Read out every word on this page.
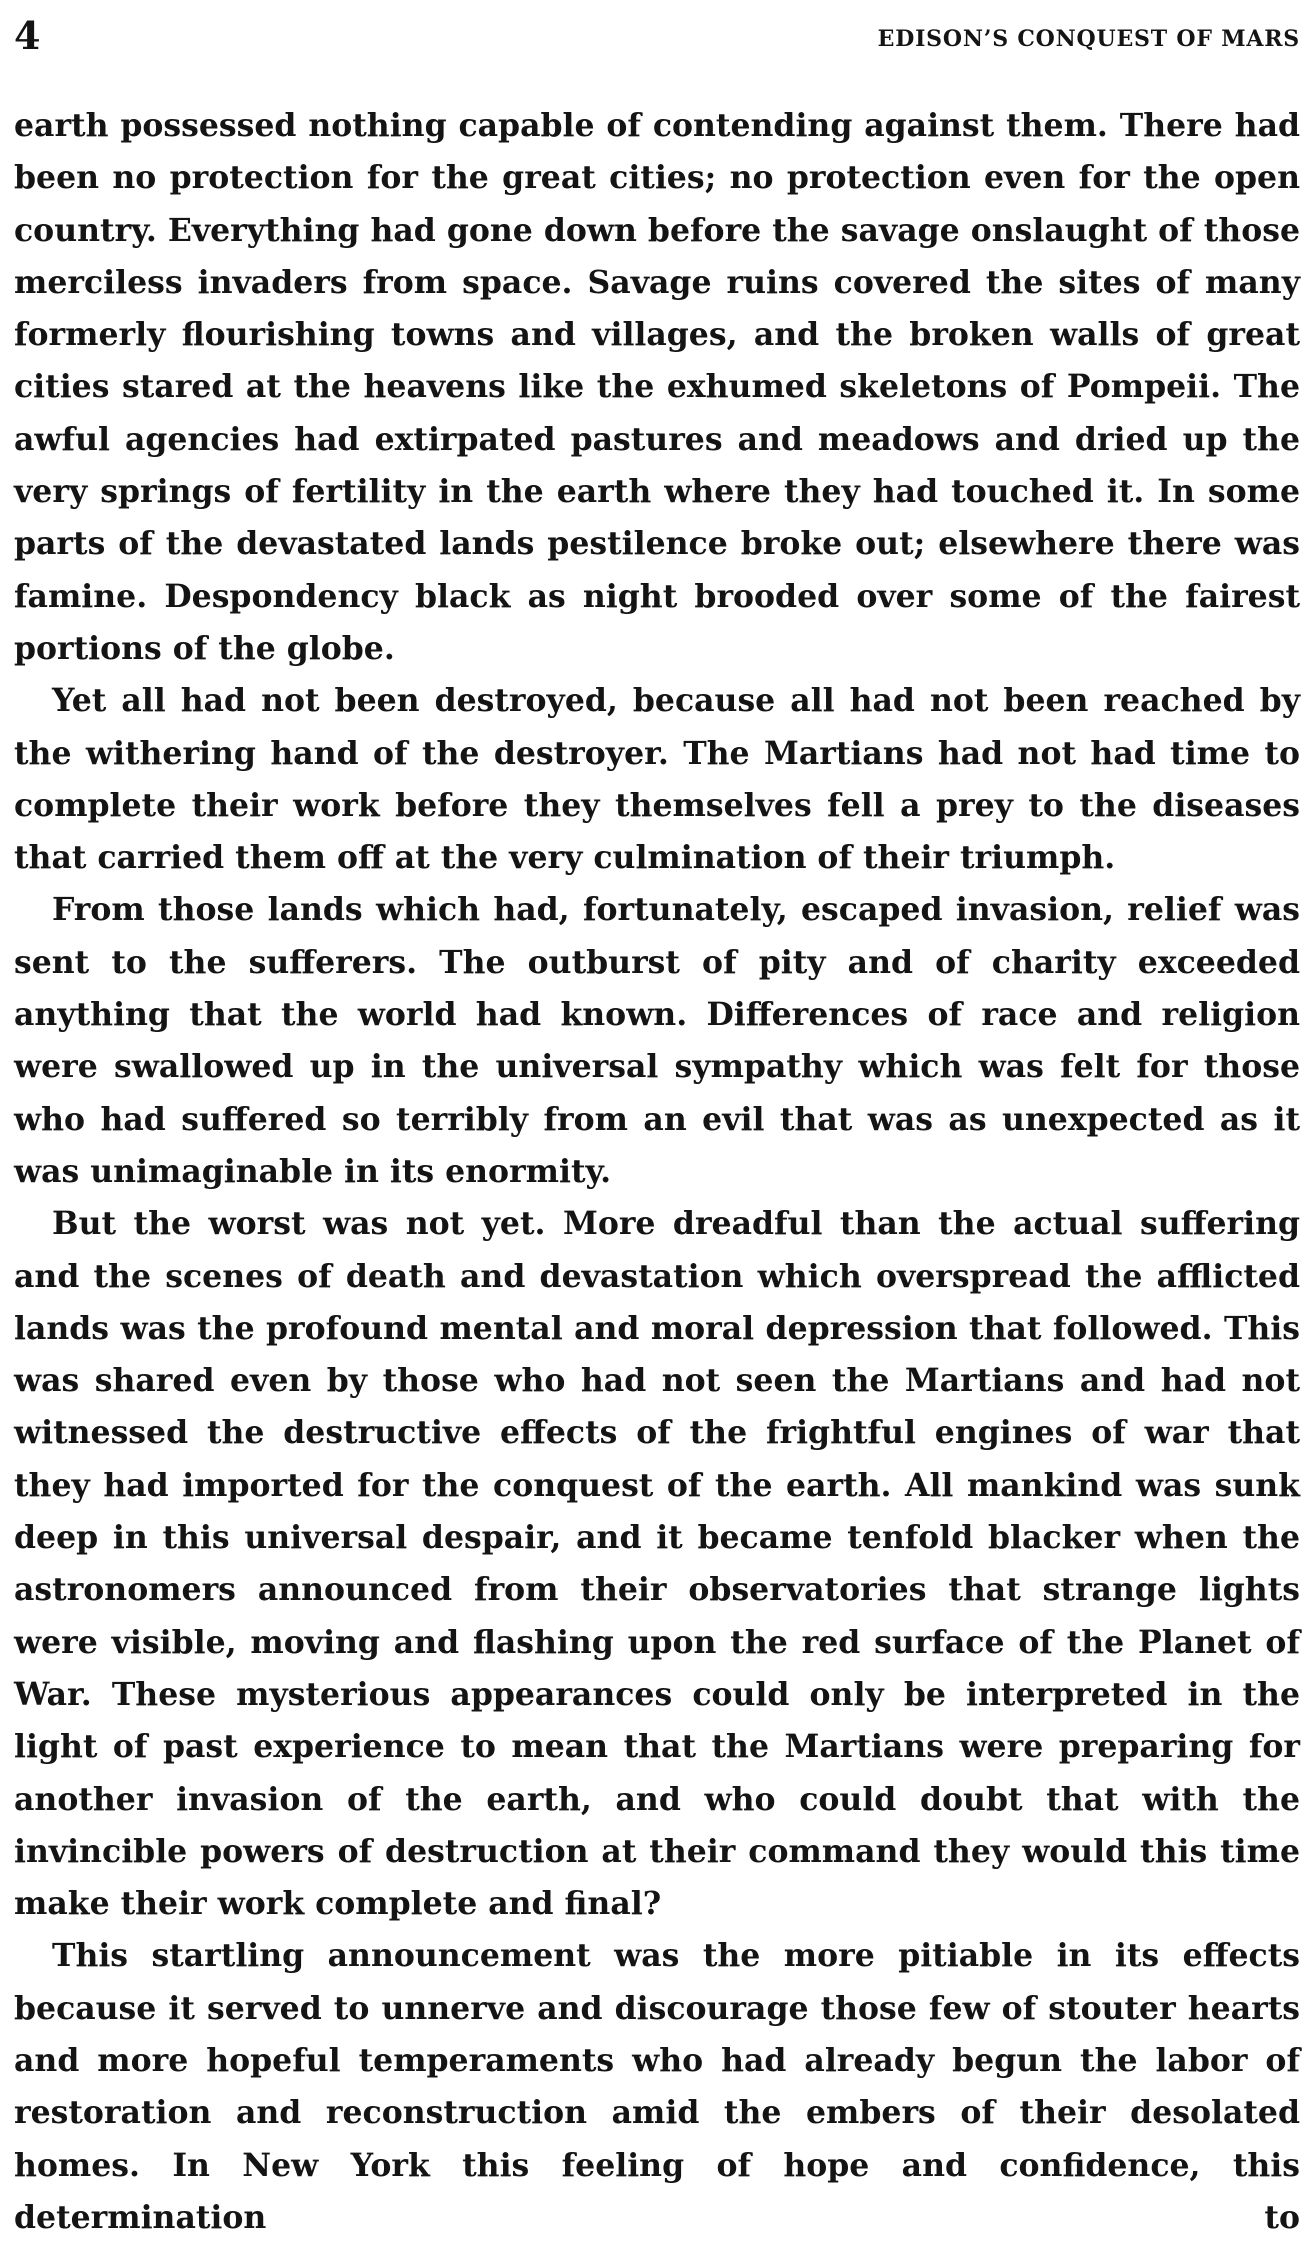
4	EDISON’S CONQUEST OF MARS

earth possessed nothing capable of contending against them. There had been no protection for the great cities; no protection even for the open country. Everything had gone down before the savage onslaught of those merciless invaders from space. Savage ruins covered the sites of many formerly flourishing towns and villages, and the broken walls of great cities stared at the heavens like the exhumed skeletons of Pompeii. The awful agencies had extirpated pastures and meadows and dried up the very springs of fertility in the earth where they had touched it. In some parts of the devastated lands pestilence broke out; elsewhere there was famine. Despondency black as night brooded over some of the fairest portions of the globe.

Yet all had not been destroyed, because all had not been reached by the withering hand of the destroyer. The Martians had not had time to complete their work before they themselves fell a prey to the diseases that carried them off at the very culmination of their triumph.

From those lands which had, fortunately, escaped invasion, relief was sent to the sufferers. The outburst of pity and of charity exceeded anything that the world had known. Differences of race and religion were swallowed up in the universal sympathy which was felt for those who had suffered so terribly from an evil that was as unexpected as it was unimaginable in its enormity.

But the worst was not yet. More dreadful than the actual suffering and the scenes of death and devastation which overspread the afflicted lands was the profound mental and moral depression that followed. This was shared even by those who had not seen the Martians and had not witnessed the destructive effects of the frightful engines of war that they had imported for the conquest of the earth. All mankind was sunk deep in this universal despair, and it became tenfold blacker when the astronomers announced from their observatories that strange lights were visible, moving and flashing upon the red surface of the Planet of War. These mysterious appearances could only be interpreted in the light of past experience to mean that the Martians were preparing for another invasion of the earth, and who could doubt that with the invincible powers of destruction at their command they would this time make their work complete and final?

This startling announcement was the more pitiable in its effects because it served to unnerve and discourage those few of stouter hearts and more hopeful temperaments who had already begun the labor of restoration and reconstruction amid the embers of their desolated homes. In New York this feeling of hope and confidence, this determination to
